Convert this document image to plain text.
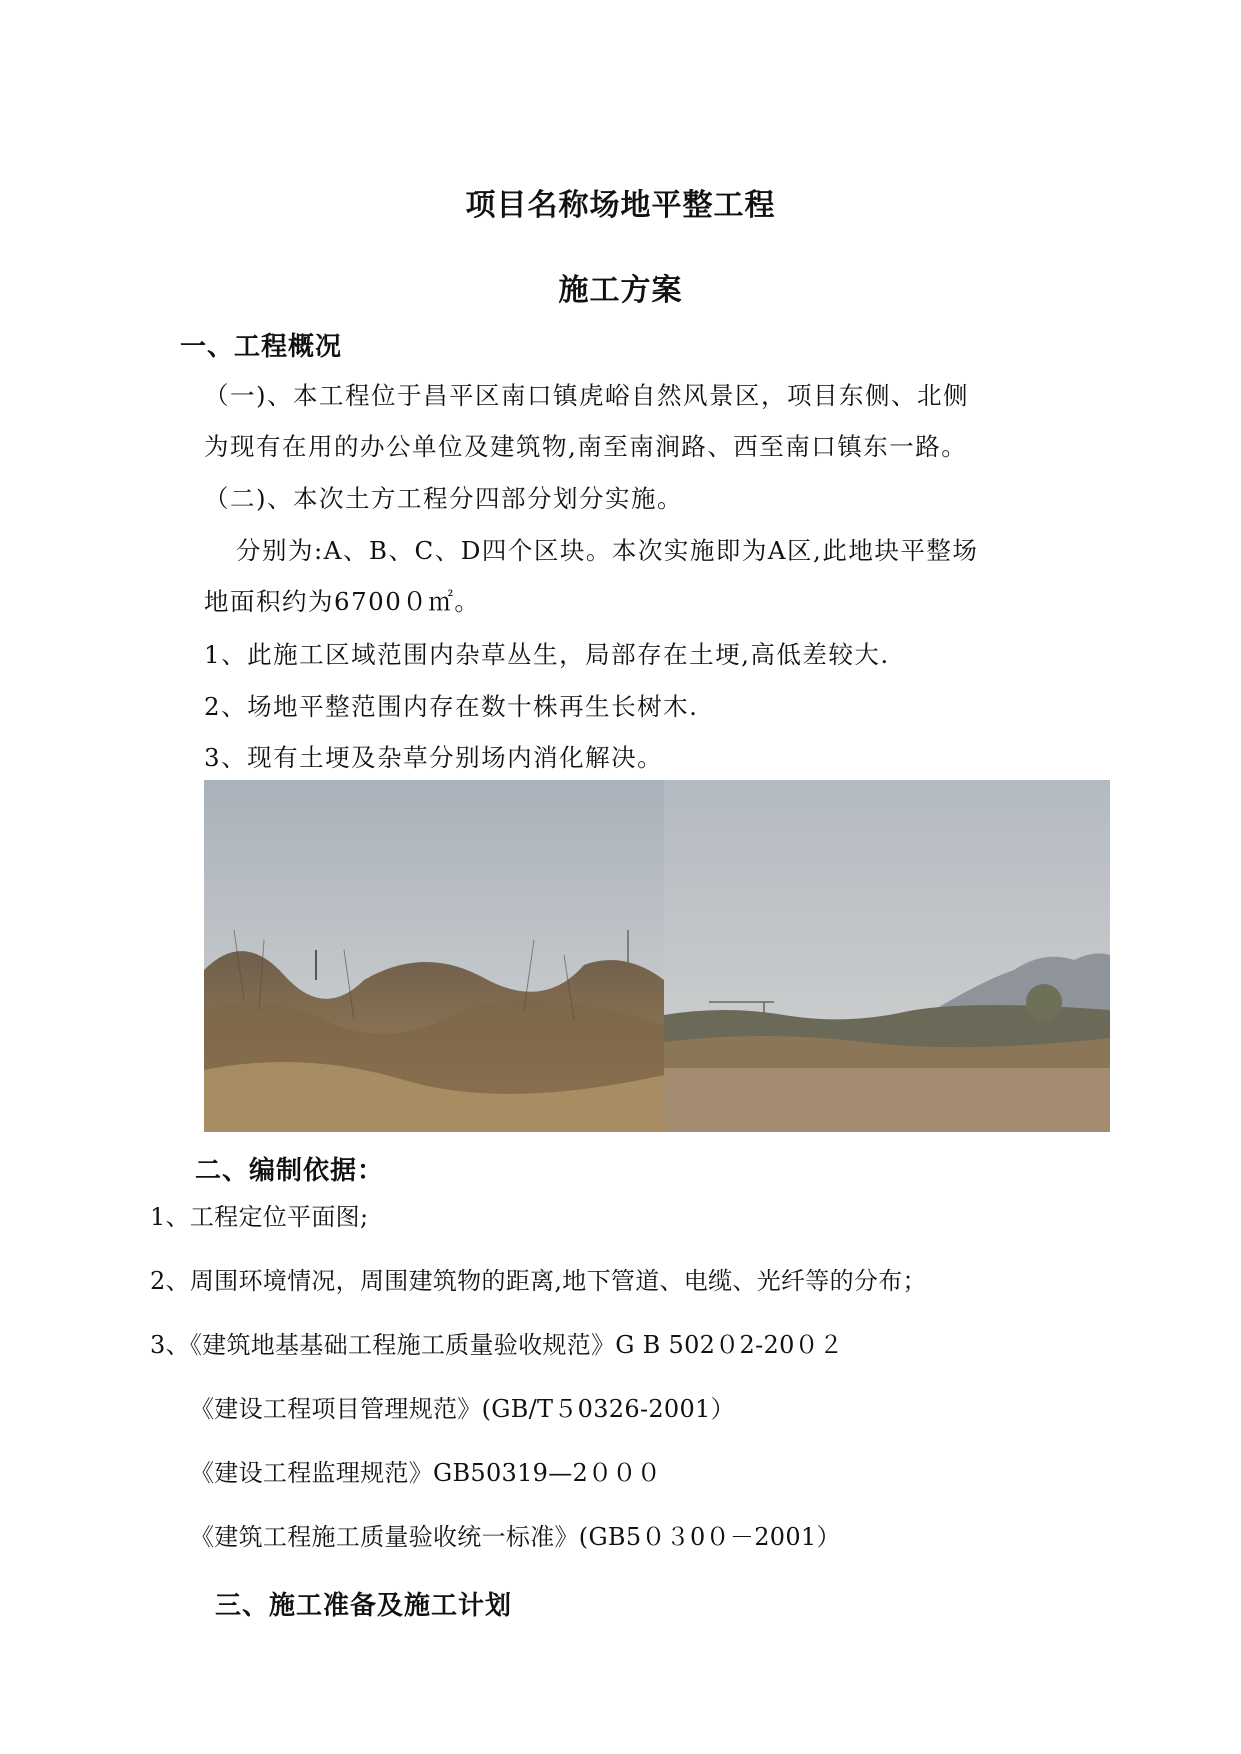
项目名称场地平整工程
施工方案
一、工程概况
（一)、本工程位于昌平区南口镇虎峪自然风景区，项目东侧、北侧
为现有在用的办公单位及建筑物,南至南涧路、西至南口镇东一路。
（二)、本次土方工程分四部分划分实施。
分别为:A、B、C、D四个区块。本次实施即为A区,此地块平整场
地面积约为6700０㎡。
1、此施工区域范围内杂草丛生，局部存在土埂,高低差较大.
2、场地平整范围内存在数十株再生长树木.
3、现有土埂及杂草分别场内消化解决。
二、编制依据：
1、工程定位平面图;
2、周围环境情况，周围建筑物的距离,地下管道、电缆、光纤等的分布；
3、《建筑地基基础工程施工质量验收规范》G B 502０2-20０２
《建设工程项目管理规范》(GB/T５0326-2001）
《建设工程监理规范》GB50319—2０００
《建筑工程施工质量验收统一标准》(GB5０３0０－2001）
三、施工准备及施工计划
